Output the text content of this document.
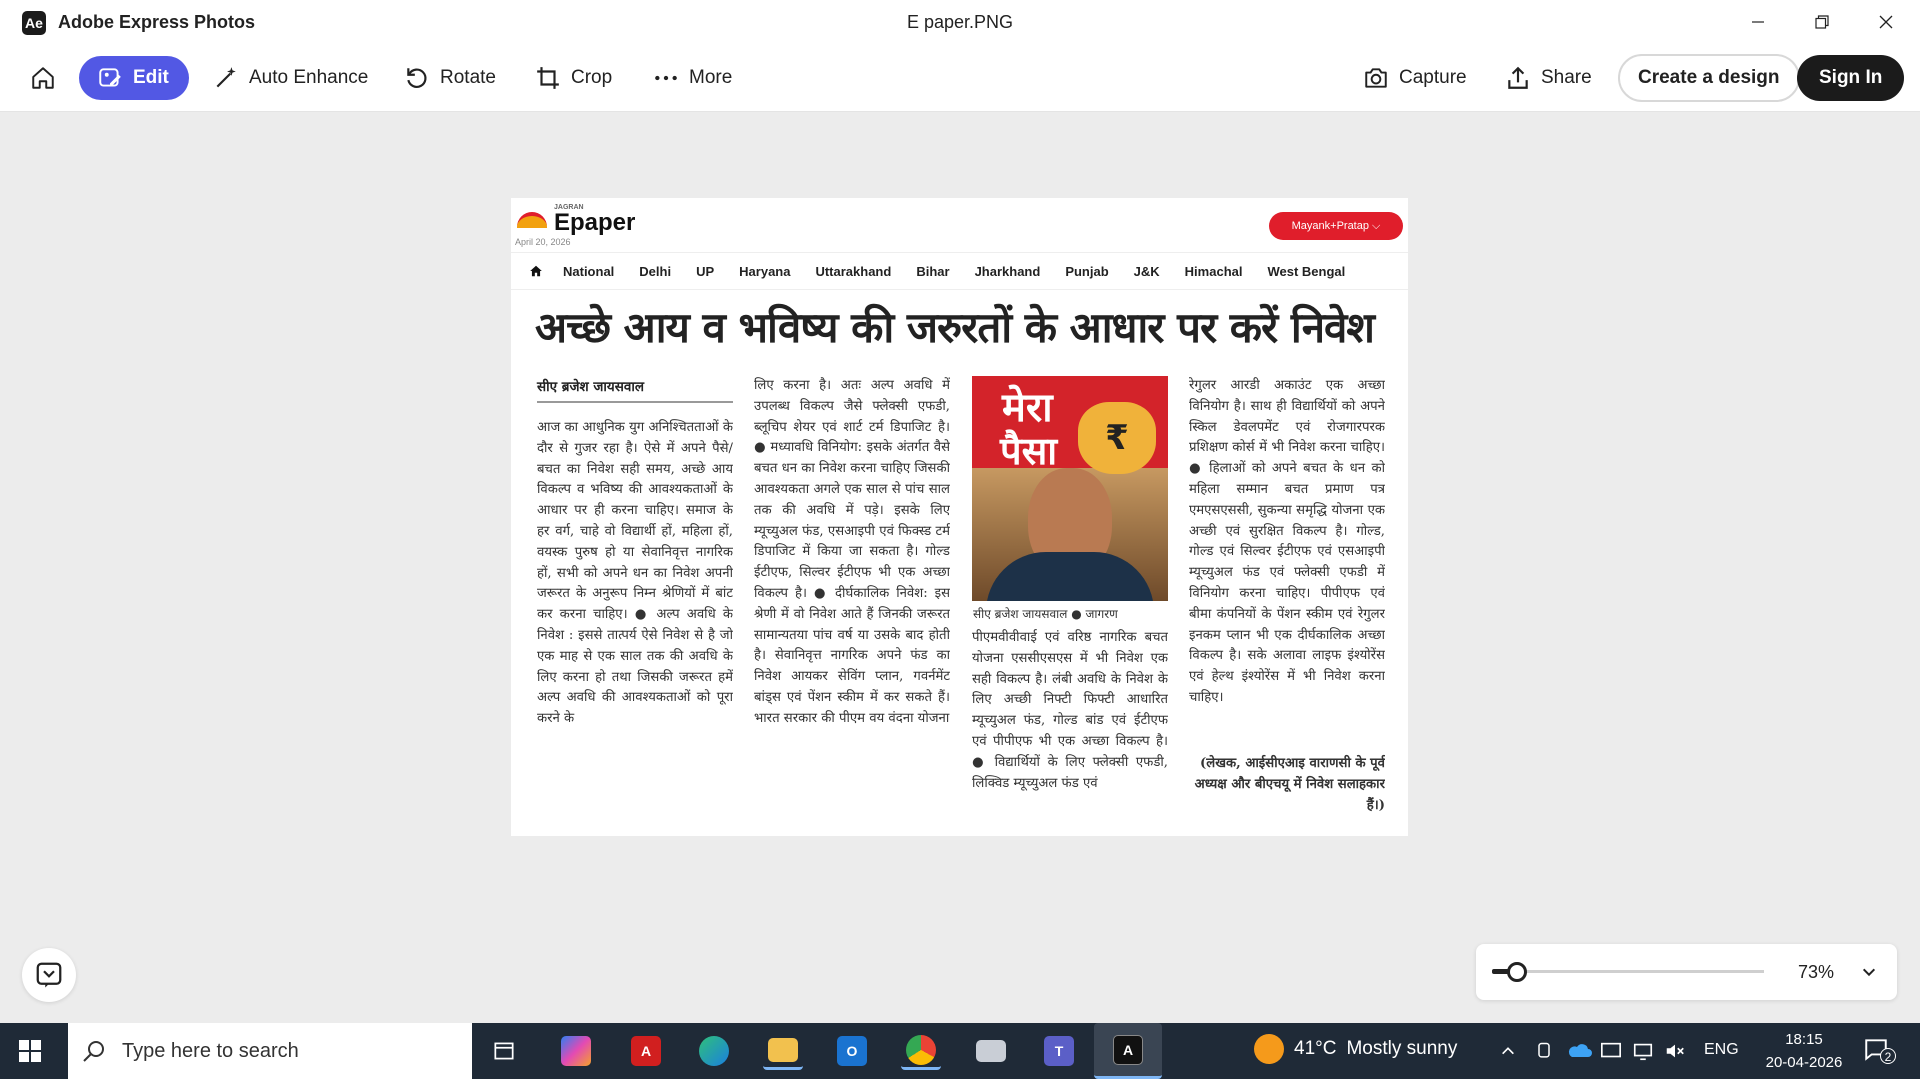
Ae Adobe Express Photos	E paper.PNG
Edit	Auto Enhance	Rotate	Crop	More	Capture	Share	Create a design	Sign In
JAGRAN
Epaper
April 20, 2026
Mayank+Pratap ⌵
National Delhi UP Haryana Uttarakhand Bihar Jharkhand Punjab J&K Himachal West Bengal
अच्छे आय व भविष्य की जरुरतों के आधार पर करें निवेश
सीए ब्रजेश जायसवाल
आज का आधुनिक युग अनिश्चितताओं के दौर से गुजर रहा है। ऐसे में अपने पैसे/बचत का निवेश सही समय, अच्छे आय विकल्प व भविष्य की आवश्यकताओं के आधार पर ही करना चाहिए। समाज के हर वर्ग, चाहे वो विद्यार्थी हों, महिला हों, वयस्क पुरुष हो या सेवानिवृत्त नागरिक हों, सभी को अपने धन का निवेश अपनी जरूरत के अनुरूप निम्न श्रेणियों में बांट कर करना चाहिए। ● अल्प अवधि के निवेश : इससे तात्पर्य ऐसे निवेश से है जो एक माह से एक साल तक की अवधि के लिए करना हो तथा जिसकी जरूरत हमें अल्प अवधि की आवश्यकताओं को पूरा करने के
लिए करना है। अतः अल्प अवधि में उपलब्ध विकल्प जैसे फ्लेक्सी एफडी, ब्लूचिप शेयर एवं शार्ट टर्म डिपाजिट है। ● मध्यावधि विनियोग: इसके अंतर्गत वैसे बचत धन का निवेश करना चाहिए जिसकी आवश्यकता अगले एक साल से पांच साल तक की अवधि में पड़े। इसके लिए म्यूच्युअल फंड, एसआइपी एवं फिक्स्ड टर्म डिपाजिट में किया जा सकता है। गोल्ड ईटीएफ, सिल्वर ईटीएफ भी एक अच्छा विकल्प है। ● दीर्घकालिक निवेश: इस श्रेणी में वो निवेश आते हैं जिनकी जरूरत सामान्यतया पांच वर्ष या उसके बाद होती है। सेवानिवृत्त नागरिक अपने फंड का निवेश आयकर सेविंग प्लान, गवर्नमेंट बांड्स एवं पेंशन स्कीम में कर सकते हैं। भारत सरकार की पीएम वय वंदना योजना
मेरा
पैसा	₹
सीए ब्रजेश जायसवाल ● जागरण
पीएमवीवीवाई एवं वरिष्ठ नागरिक बचत योजना एससीएसएस में भी निवेश एक सही विकल्प है। लंबी अवधि के निवेश के लिए अच्छी निफ्टी फिफ्टी आधारित म्यूच्युअल फंड, गोल्ड बांड एवं ईटीएफ एवं पीपीएफ भी एक अच्छा विकल्प है। ● विद्यार्थियों के लिए फ्लेक्सी एफडी, लिक्विड म्यूच्युअल फंड एवं
रेगुलर आरडी अकाउंट एक अच्छा विनियोग है। साथ ही विद्यार्थियों को अपने स्किल डेवलपमेंट एवं रोजगारपरक प्रशिक्षण कोर्स में भी निवेश करना चाहिए। ● हिलाओं को अपने बचत के धन को महिला सम्मान बचत प्रमाण पत्र एमएसएससी, सुकन्या समृद्धि योजना एक अच्छी एवं सुरक्षित विकल्प है। गोल्ड, गोल्ड एवं सिल्वर ईटीएफ एवं एसआइपी म्यूच्युअल फंड एवं फ्लेक्सी एफडी में विनियोग करना चाहिए। पीपीएफ एवं बीमा कंपनियों के पेंशन स्कीम एवं रेगुलर इनकम प्लान भी एक दीर्घकालिक अच्छा विकल्प है। सके अलावा लाइफ इंश्योरेंस एवं हेल्थ इंश्योरेंस में भी निवेश करना चाहिए।
(लेखक, आईसीएआइ वाराणसी के पूर्व अध्यक्ष और बीएचयू में निवेश सलाहकार हैं।)
73%
Type here to search	A	O	T	A	41°C Mostly sunny	ENG
18:15
20-04-2026	2
